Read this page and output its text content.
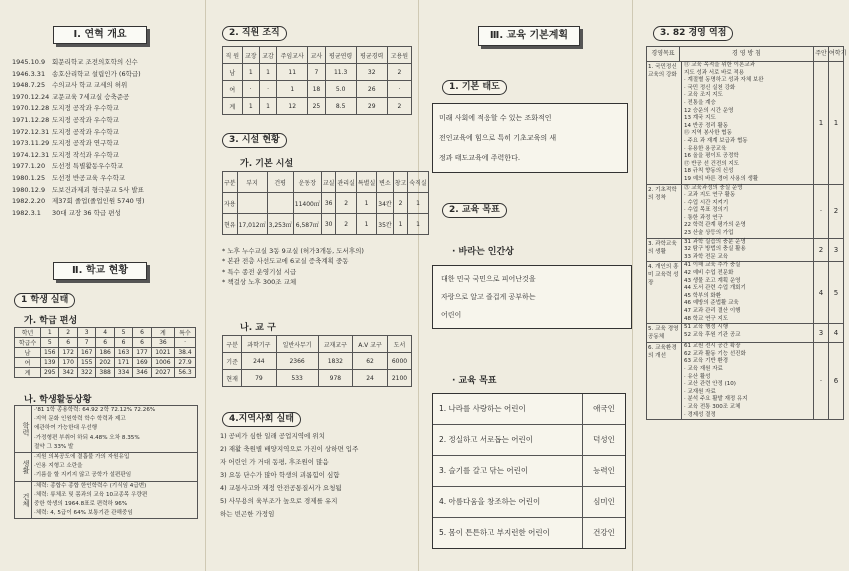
Ⅰ. 연혁 개요
1945.10.9	회문리학교 조전의호학의 신수
1946.3.31	송호산리학교 설립인가 (6학급)
1948.7.25	수의교사 학교 교세의 허위
1970.12.24 교문교육 7세교실 승축준공
1970.12.28 도지정 공작과 우수학교
1971.12.28 도지정 공작과 우수학교
1972.12.31 도지정 공작과 우수학교
1973.11.29 도지정 공작과 연구학교
1974.12.31 도지정 작석과 우수학교
1977.1.20	도선정 특별활동우수학교
1980.1.25	도선정 반공교육 우수학교
1980.12.9	도보건과제괴 형극분교 5사 발표
1982.2.20	제37회 졸업(졸업인원 5740 명)
1982.3.1	30대 교장 36 학급 편성
Ⅱ. 학교 현황
1 학생 실태
가. 학급 편성
학년	1	2	3	4	5	6	계	특수
학급수	5	6	7	6	6	6	36	·
남	156	172	167	186	163	177	1021	38.4
여	139	170	155	202	171	169	1006	27.9
계	295	342	322	388	334	346	2027	56.3
나. 학생활동상황
학력
·'81 1학 종용학력: 64.92 2학 72.12% 72.26%
·지역 문화 인원학력 학수 학력과 제고
에관하여 가능한대 우선행
·가정형편 부취어 하되 4.48% 오차 8.35%
절약 그 33% 발
생활
·지원 의복공도에 결흡불 가의 자원유입
·인용 지형고 소란을
·기름을 할 지키지 않고 공학가 설편판임
건체
·체력: 종합수 종합 한인학력수 (기식임 4급변)
·체력: 류체조 및 몸과의 교육 10교종목 우량편
중한 학생의 1964.8표로 편력하 96%
·체력: 4, 5급이 64% 보통기관 관해중임
2. 직원 조직
직 원	교장	교감	주임교사	교사	평균연령	평균경력	고용원
남	1	1	11	7	11.3	32	2
여	·	·	1	18	5.0	26	·
계	1	1	12	25	8.5	29	2
3. 시설 현황
가. 기본 시설
구분	부지	건평	운동장	교실	관리실	특별실	변소	창고	숙직실
자용			11400㎡	36	2	1	34칸	2	1
현유	17,012㎡	3,253㎡	6,587㎡	30	2	1	35칸	1	1
* 노후 누수교실 3동 9교실 (허가3개동, 도서후의)
* 본관 전층 사선도교에 6교실 증축계획 중동
* 특수 종전 운영기설 시급
* 책걸상 노후 300조 교체
나. 교 구
구분	과학기구	일반사무기	교재교구	A.V 교구	도서
기준	244	2366	1832	62	6000
현재	79	533	978	24	2100
4.지역사회 실태
1) 공비가 심한 일래 공업지역에 위치
2) 재활 축원별 배양지역으로 가진이 상하면 입주
자 어린인 가 거대 동평, 후조원이 많음
3) 요동 단수가 많아 학생의 괴롭힘이 심함
4) 교통사고와 재정 안전공통질서가 요청됨
5) 사무용의 육부조가 높으로 경제를 유지
하는 빈곤한 가정임
Ⅲ. 교육 기본계획
1. 기본 태도
미래 사회에 적응할 수 있는 조화적인
전인교육에 힘으로 특히 기초교육의 새
정과 태도교육에 주력한다.
2. 교육 목표
· 바라는 인간상
대한 민국 국민으로 피어난것을
자랑으로 알고 즐겁게 공부하는
어린이
· 교육 목표
1. 나라를 사랑하는 어린이	애국인
2. 정실하고 서로돕는 어린이	덕성인
3. 슬기를 갈고 닦는 어린이	능력인
4. 아름다움을 창조하는 어린이	심미인
5. 몸이 튼튼하고 부지런한 어린이	건강인
3. 82 경영 역점
경영목표	경 영 방 침	주안 여학기
1. 국민정신교육의 강화
⑪ 교육 목적을 위한 이론교과
지도 성과 서로 바로 적용
· 계절별 동명하고 성과 자체 보완
· 국민 정신 실천 강화
· 교육 조지 지도
· 전통을 계승
12 승운의 시간 운영
13 계국 지도
14 반공 정리 활동
⑮ 지역 봉사한 협동
· 주요 과 재계 보급과 협동
· 유용한 용공교육
16 올을 평이트 공정학
⑰ 반공 선 건전의 지도
18 규칙 향동의 신성
19 예의 바른 경어 사용의 생활
1	1
2. 기초적학의 정착
㉑ 교육과정의 충실 운영
· 교과 지도 연구 활동
· 수업 시간 지켜기
· 수업 목표 정의기
· 통한 과정 연구
22 학력 관계 평가의 운영
23 산술 상등의 가업
·	2
3. 과학교육의 생활
31 과학 실습의 충분 운영
32 탐구 방법의 충실 활용
33 과학 전문 교육
2	3
4. 개인의 흥미 교육력 성장
41 이해 교육 추가 충실
42 예비 수업 전문화
43 생물 조고 계획 운영
44 도서 관련 수업 개회기
45 학부의 화환
46 예방의 준법활 교육
47 교과 관리 결산 이행
48 학교 연구 지도
4	5
5. 교육 경영 공동체
51 교육 행정 시행
52 교육 후원 기관 공교	3	4
6. 교육환경의 개선
61 교원 전시 공간 확장
62 교과 활동 기능 선진화
63 교육 기반 환경
· 교육 재원 자료
· 유산 활성
· 교산 관련 안정 (10)
· 교재원 자료
· 분석 주요 활발 재정 유지
· 교육 전통 300조 교체
· 경제성 결정
·	6
